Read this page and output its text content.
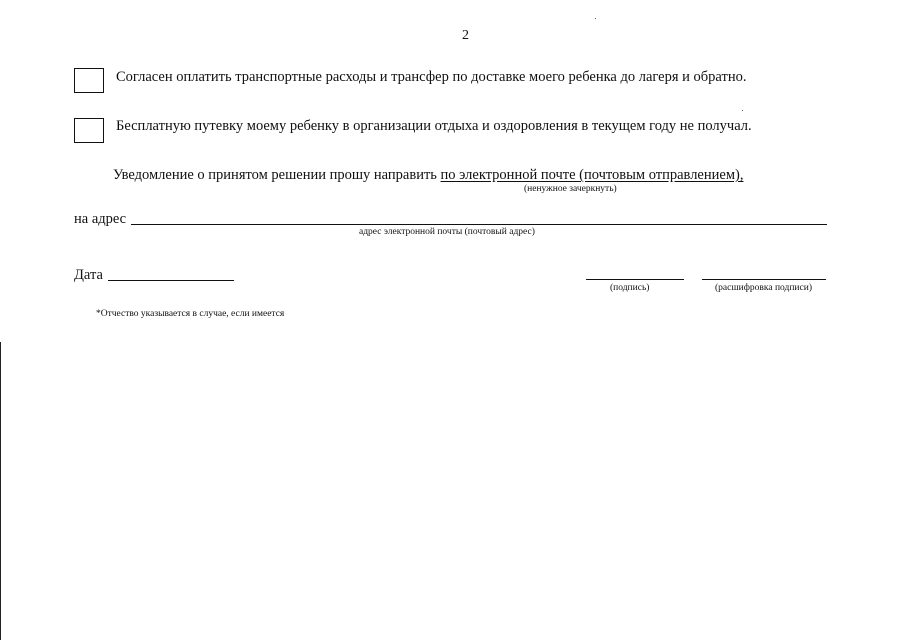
2
Согласен оплатить транспортные расходы и трансфер по доставке моего ребенка до лагеря и обратно.
Бесплатную путевку моему ребенку в организации отдыха и оздоровления в текущем году не получал.
Уведомление о принятом решении прошу направить по электронной почте (почтовым отправлением),
(ненужное зачеркнуть)
на адрес
адрес электронной почты (почтовый адрес)
Дата
(подпись)	(расшифровка подписи)
*Отчество указывается в случае, если имеется
